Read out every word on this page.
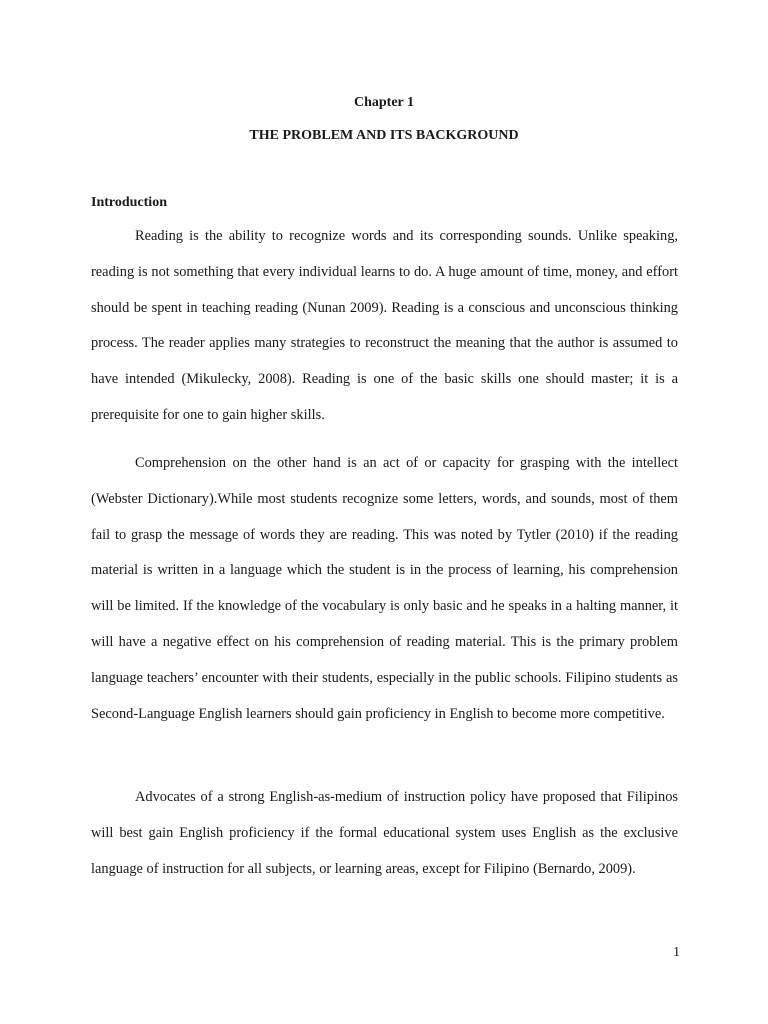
Chapter 1
THE PROBLEM AND ITS BACKGROUND
Introduction

Reading is the ability to recognize words and its corresponding sounds. Unlike speaking, reading is not something that every individual learns to do. A huge amount of time, money, and effort should be spent in teaching reading (Nunan 2009). Reading is a conscious and unconscious thinking process. The reader applies many strategies to reconstruct the meaning that the author is assumed to have intended (Mikulecky, 2008). Reading is one of the basic skills one should master; it is a prerequisite for one to gain higher skills.

Comprehension on the other hand is an act of or capacity for grasping with the intellect (Webster Dictionary).While most students recognize some letters, words, and sounds, most of them fail to grasp the message of words they are reading. This was noted by Tytler (2010) if the reading material is written in a language which the student is in the process of learning, his comprehension will be limited. If the knowledge of the vocabulary is only basic and he speaks in a halting manner, it will have a negative effect on his comprehension of reading material. This is the primary problem language teachers’ encounter with their students, especially in the public schools. Filipino students as Second-Language English learners should gain proficiency in English to become more competitive.

Advocates of a strong English-as-medium of instruction policy have proposed that Filipinos will best gain English proficiency if the formal educational system uses English as the exclusive language of instruction for all subjects, or learning areas, except for Filipino (Bernardo, 2009).

1
